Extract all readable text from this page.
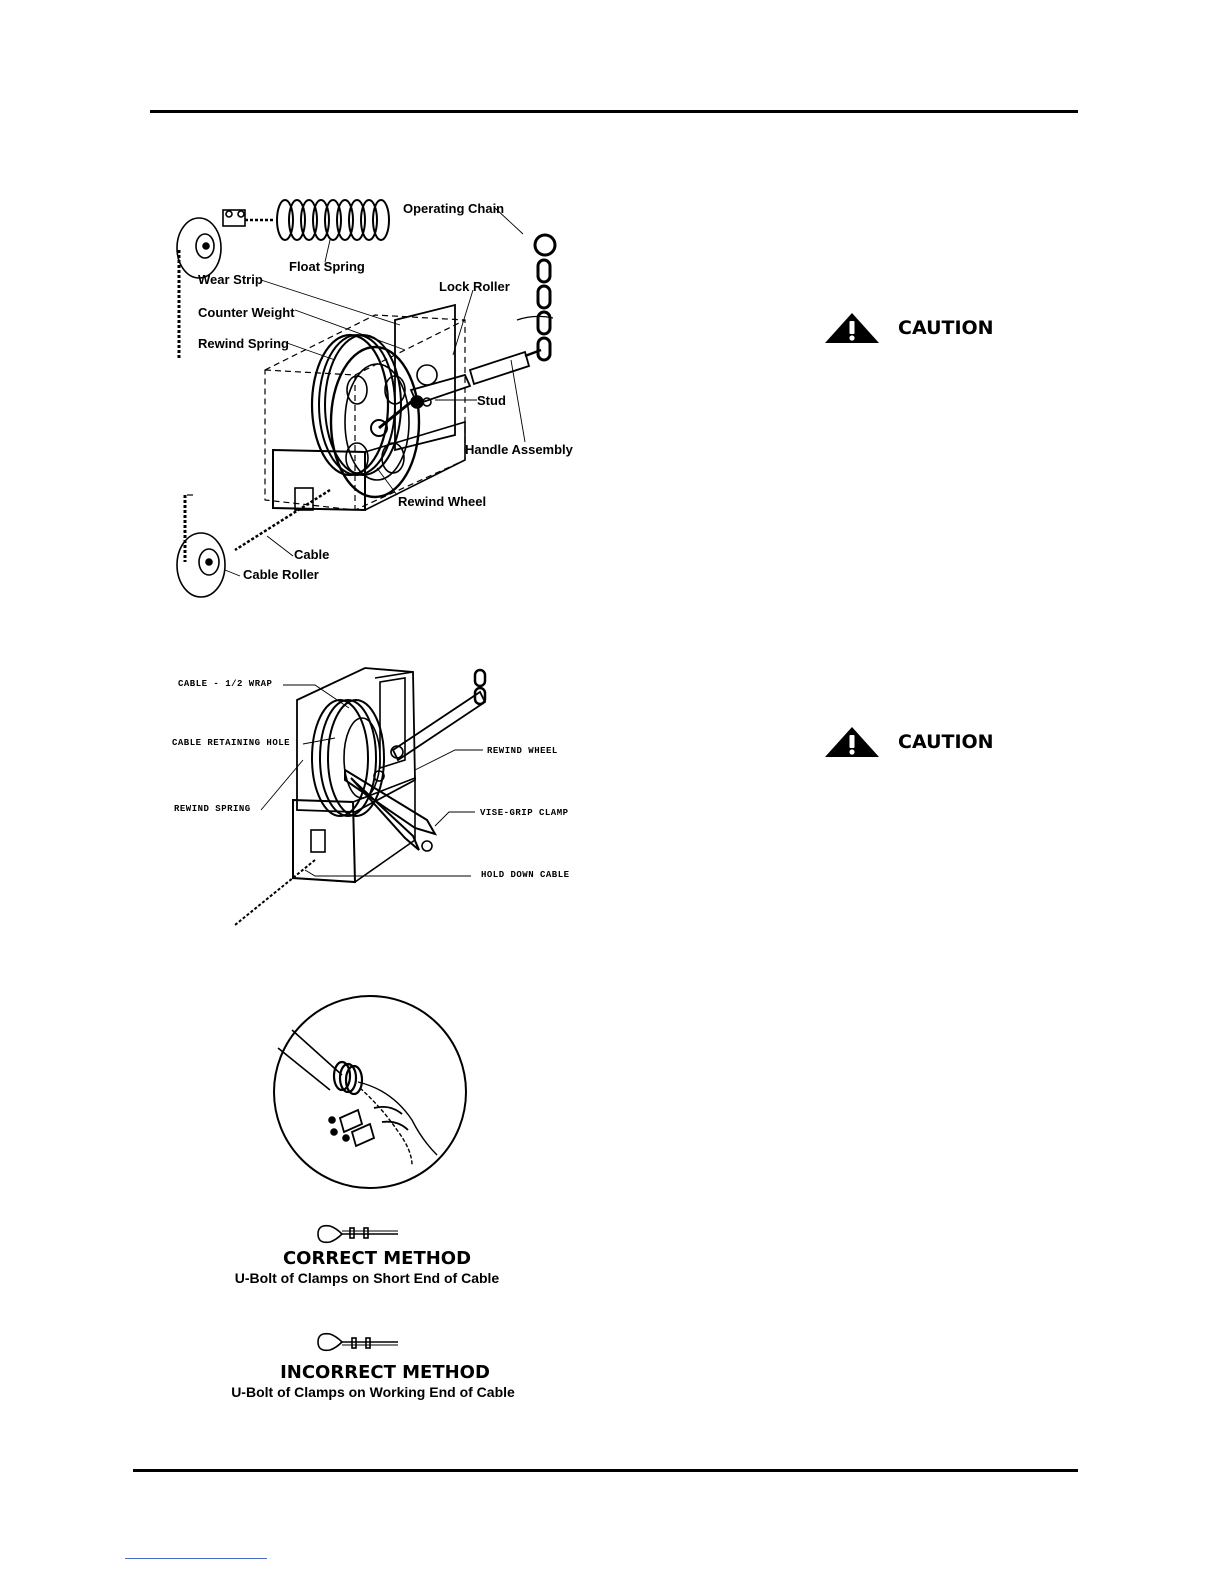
Operating Chain
Float Spring
Wear Strip	Lock Roller
Counter Weight
Rewind Spring
Stud
Handle Assembly
Rewind Wheel
Cable
Cable Roller
CABLE - 1/2 WRAP
CABLE RETAINING HOLE
REWIND SPRING
REWIND WHEEL
VISE-GRIP CLAMP
HOLD DOWN CABLE
CORRECT METHOD
U-Bolt of Clamps on Short End of Cable
INCORRECT METHOD
U-Bolt of Clamps on Working End of Cable
CAUTION
CAUTION
